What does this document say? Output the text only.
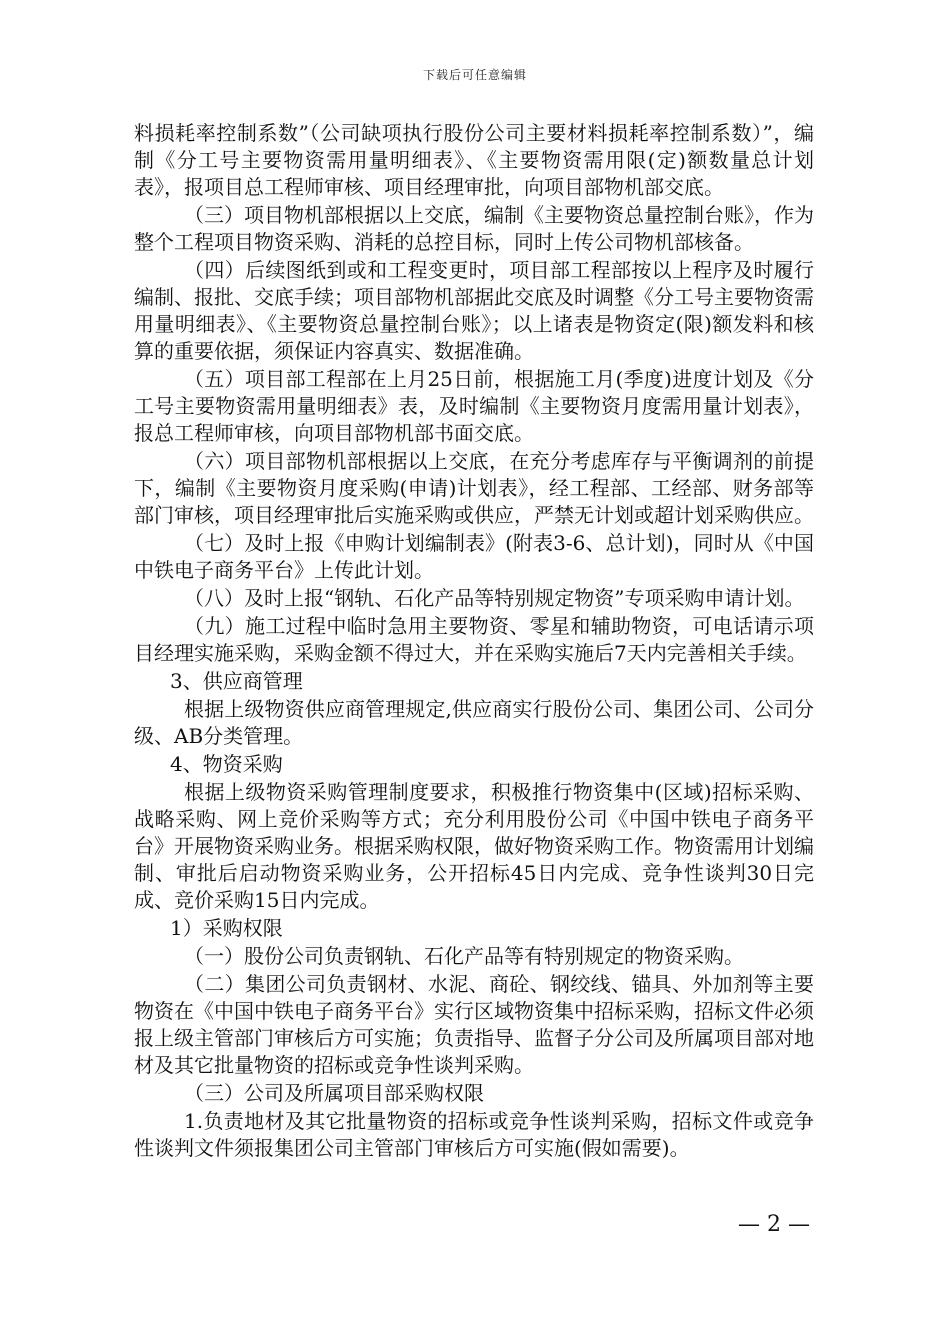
下载后可任意编辑

料损耗率控制系数”（公司缺项执行股份公司主要材料损耗率控制系数）”，编制《分工号主要物资需用量明细表》、《主要物资需用限(定)额数量总计划表》，报项目总工程师审核、项目经理审批，向项目部物机部交底。

（三）项目物机部根据以上交底，编制《主要物资总量控制台账》，作为整个工程项目物资采购、消耗的总控目标，同时上传公司物机部核备。

（四）后续图纸到或和工程变更时，项目部工程部按以上程序及时履行编制、报批、交底手续；项目部物机部据此交底及时调整《分工号主要物资需用量明细表》、《主要物资总量控制台账》；以上诸表是物资定(限)额发料和核算的重要依据，须保证内容真实、数据准确。

（五）项目部工程部在上月25日前，根据施工月(季度)进度计划及《分工号主要物资需用量明细表》表，及时编制《主要物资月度需用量计划表》，报总工程师审核，向项目部物机部书面交底。

（六）项目部物机部根据以上交底，在充分考虑库存与平衡调剂的前提下，编制《主要物资月度采购(申请)计划表》，经工程部、工经部、财务部等部门审核，项目经理审批后实施采购或供应，严禁无计划或超计划采购供应。

（七）及时上报《申购计划编制表》(附表3-6、总计划)，同时从《中国中铁电子商务平台》上传此计划。

（八）及时上报“钢轨、石化产品等特别规定物资”专项采购申请计划。

（九）施工过程中临时急用主要物资、零星和辅助物资，可电话请示项目经理实施采购，采购金额不得过大，并在采购实施后7天内完善相关手续。

3、供应商管理

根据上级物资供应商管理规定,供应商实行股份公司、集团公司、公司分级、AB分类管理。

4、物资采购

根据上级物资采购管理制度要求，积极推行物资集中(区域)招标采购、战略采购、网上竞价采购等方式；充分利用股份公司《中国中铁电子商务平台》开展物资采购业务。根据采购权限，做好物资采购工作。物资需用计划编制、审批后启动物资采购业务，公开招标45日内完成、竞争性谈判30日完成、竞价采购15日内完成。

1）采购权限

（一）股份公司负责钢轨、石化产品等有特别规定的物资采购。

（二）集团公司负责钢材、水泥、商砼、钢绞线、锚具、外加剂等主要物资在《中国中铁电子商务平台》实行区域物资集中招标采购，招标文件必须报上级主管部门审核后方可实施；负责指导、监督子分公司及所属项目部对地材及其它批量物资的招标或竞争性谈判采购。

（三）公司及所属项目部采购权限

1.负责地材及其它批量物资的招标或竞争性谈判采购，招标文件或竞争性谈判文件须报集团公司主管部门审核后方可实施(假如需要)。

— 2 —
